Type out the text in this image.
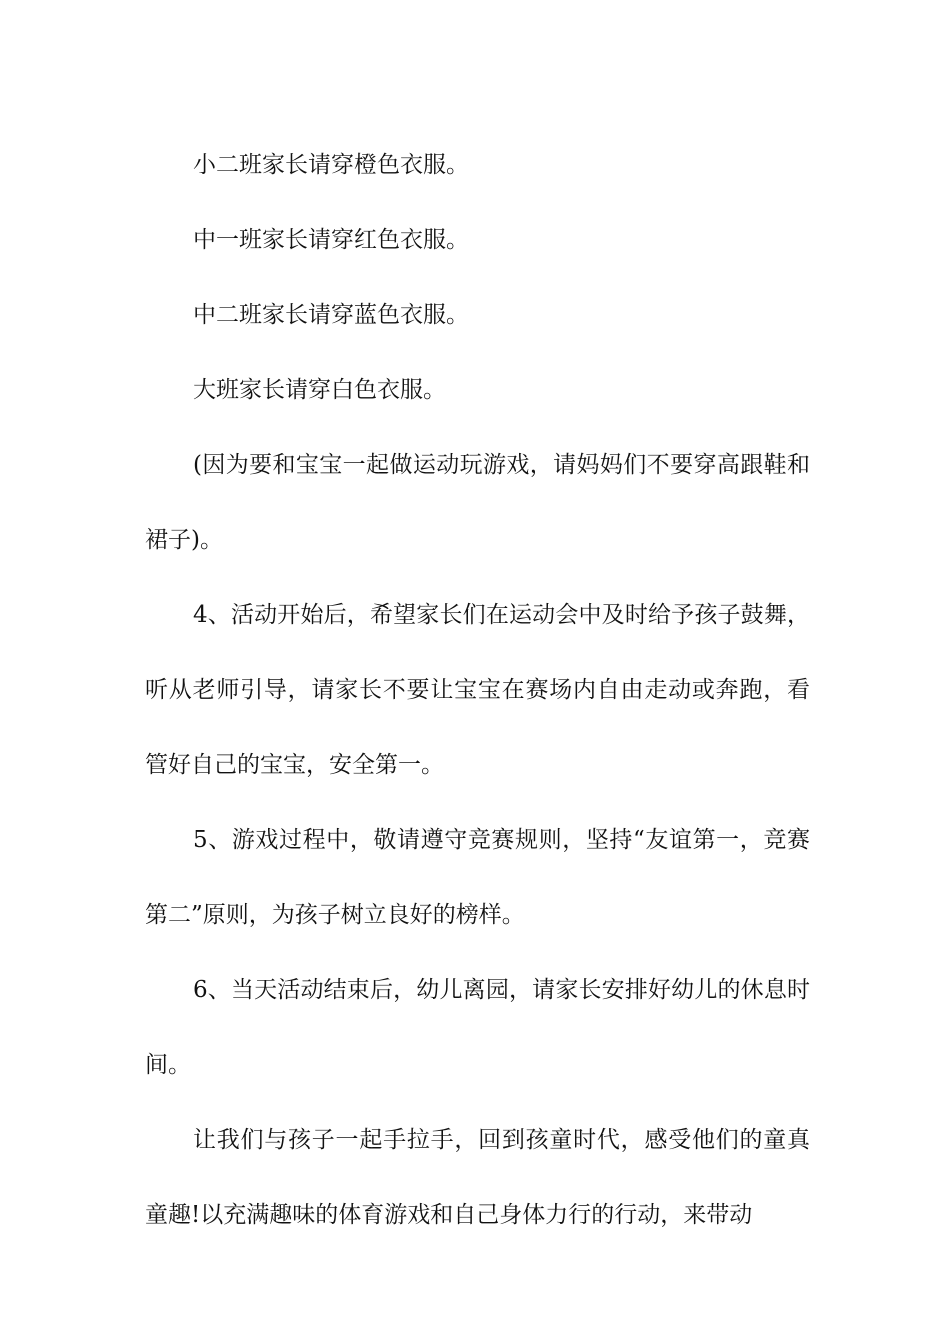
小二班家长请穿橙色衣服。

中一班家长请穿红色衣服。

中二班家长请穿蓝色衣服。

大班家长请穿白色衣服。

(因为要和宝宝一起做运动玩游戏，请妈妈们不要穿高跟鞋和裙子)。

4、活动开始后，希望家长们在运动会中及时给予孩子鼓舞，听从老师引导，请家长不要让宝宝在赛场内自由走动或奔跑，看管好自己的宝宝，安全第一。

5、游戏过程中，敬请遵守竞赛规则，坚持“友谊第一，竞赛第二”原则，为孩子树立良好的榜样。

6、当天活动结束后，幼儿离园，请家长安排好幼儿的休息时间。

让我们与孩子一起手拉手，回到孩童时代，感受他们的童真童趣!以充满趣味的体育游戏和自己身体力行的行动，来带动
